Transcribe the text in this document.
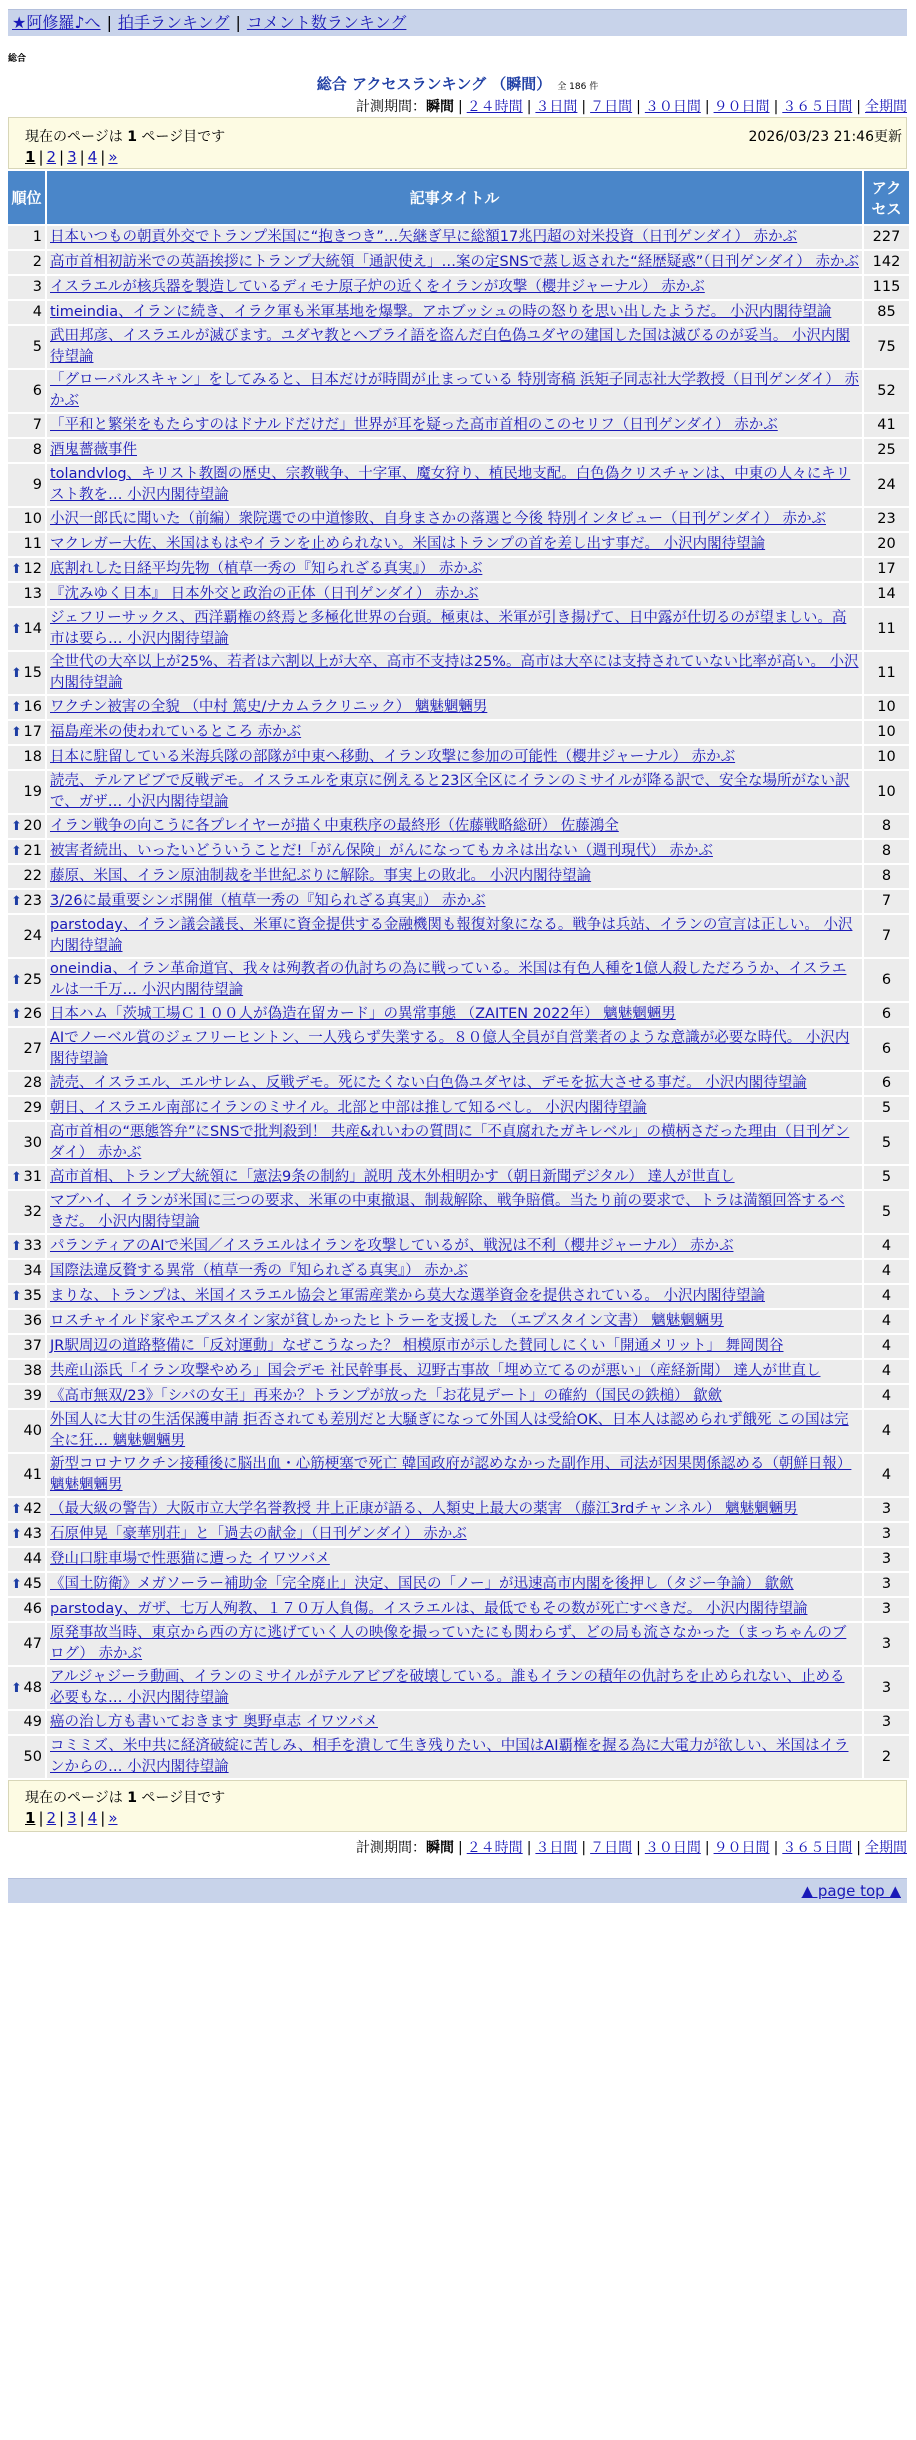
★阿修羅♪へ | 拍手ランキング | コメント数ランキング
総合
総合 アクセスランキング （瞬間） 全 186 件
計測期間：瞬間 | ２４時間 | ３日間 | ７日間 | ３０日間 | ９０日間 | ３６５日間 | 全期間
現在のページは 1 ページ目です	2026/03/23 21:46更新
1 | 2 | 3 | 4 | »
順位	記事タイトル	アクセス
1	日本いつもの朝貢外交でトランプ米国に“抱きつき”…矢継ぎ早に総額17兆円超の対米投資（日刊ゲンダイ） 赤かぶ	227
2	高市首相初訪米での英語挨拶にトランプ大統領「通訳使え」…案の定SNSで蒸し返された“経歴疑惑”（日刊ゲンダイ） 赤かぶ	142
3	イスラエルが核兵器を製造しているディモナ原子炉の近くをイランが攻撃（櫻井ジャーナル） 赤かぶ	115
4	timeindia、イランに続き、イラク軍も米軍基地を爆撃。アホブッシュの時の怒りを思い出したようだ。 小沢内閣待望論	85
5	武田邦彦、イスラエルが滅びます。ユダヤ教とヘブライ語を盗んだ白色偽ユダヤの建国した国は滅びるのが妥当。 小沢内閣待望論	75
6	「グローバルスキャン」をしてみると、日本だけが時間が止まっている 特別寄稿 浜矩子同志社大学教授（日刊ゲンダイ） 赤かぶ	52
7	「平和と繁栄をもたらすのはドナルドだけだ」世界が耳を疑った高市首相のこのセリフ（日刊ゲンダイ） 赤かぶ	41
8	酒鬼薔薇事件	25
9	tolandvlog、キリスト教圏の歴史、宗教戦争、十字軍、魔女狩り、植民地支配。白色偽クリスチャンは、中東の人々にキリスト教を… 小沢内閣待望論	24
10	小沢一郎氏に聞いた（前編）衆院選での中道惨敗、自身まさかの落選と今後 特別インタビュー（日刊ゲンダイ） 赤かぶ	23
11	マクレガー大佐、米国はもはやイランを止められない。米国はトランプの首を差し出す事だ。 小沢内閣待望論	20

⬆ 12	底割れした日経平均先物（植草一秀の『知られざる真実』） 赤かぶ	17
13	『沈みゆく日本』 日本外交と政治の正体（日刊ゲンダイ） 赤かぶ	14

⬆ 14	ジェフリーサックス、西洋覇権の終焉と多極化世界の台頭。極東は、米軍が引き揚げて、日中露が仕切るのが望ましい。高市は要ら… 小沢内閣待望論	11

⬆ 15	全世代の大卒以上が25%、若者は六割以上が大卒、高市不支持は25%。高市は大卒には支持されていない比率が高い。 小沢内閣待望論	11

⬆ 16	ワクチン被害の全貌 （中村 篤史/ナカムラクリニック） 魑魅魍魎男	10

⬆ 17	福島産米の使われているところ 赤かぶ	10
18	日本に駐留している米海兵隊の部隊が中東へ移動、イラン攻撃に参加の可能性（櫻井ジャーナル） 赤かぶ	10
19	読売、テルアビブで反戦デモ。イスラエルを東京に例えると23区全区にイランのミサイルが降る訳で、安全な場所がない訳で、ガザ… 小沢内閣待望論	10

⬆ 20	イラン戦争の向こうに各プレイヤーが描く中東秩序の最終形（佐藤戦略総研） 佐藤鴻全	8

⬆ 21	被害者続出、いったいどういうことだ!「がん保険」がんになってもカネは出ない（週刊現代） 赤かぶ	8
22	藤原、米国、イラン原油制裁を半世紀ぶりに解除。事実上の敗北。 小沢内閣待望論	8

⬆ 23	3/26に最重要シンポ開催（植草一秀の『知られざる真実』） 赤かぶ	7
24	parstoday、イラン議会議長、米軍に資金提供する金融機関も報復対象になる。戦争は兵站、イランの宣言は正しい。 小沢内閣待望論	7

⬆ 25	oneindia、イラン革命道官、我々は殉教者の仇討ちの為に戦っている。米国は有色人種を1億人殺しただろうか、イスラエルは一千万… 小沢内閣待望論	6

⬆ 26	日本ハム「茨城工場Ｃ１００人が偽造在留カード」の異常事態 （ZAITEN 2022年） 魑魅魍魎男	6
27	AIでノーベル賞のジェフリーヒントン、一人残らず失業する。８０億人全員が自営業者のような意識が必要な時代。 小沢内閣待望論	6
28	読売、イスラエル、エルサレム、反戦デモ。死にたくない白色偽ユダヤは、デモを拡大させる事だ。 小沢内閣待望論	6
29	朝日、イスラエル南部にイランのミサイル。北部と中部は推して知るべし。 小沢内閣待望論	5
30	高市首相の“悪態答弁”にSNSで批判殺到！ 共産&れいわの質問に「不貞腐れたガキレベル」の横柄さだった理由（日刊ゲンダイ） 赤かぶ	5

⬆ 31	高市首相、トランプ大統領に「憲法9条の制約」説明 茂木外相明かす（朝日新聞デジタル） 達人が世直し	5
32	マブハイ、イランが米国に三つの要求、米軍の中東撤退、制裁解除、戦争賠償。当たり前の要求で、トラは満額回答するべきだ。 小沢内閣待望論	5

⬆ 33	パランティアのAIで米国／イスラエルはイランを攻撃しているが、戦況は不利（櫻井ジャーナル） 赤かぶ	4
34	国際法違反贅する異常（植草一秀の『知られざる真実』） 赤かぶ	4

⬆ 35	まりな、トランプは、米国イスラエル協会と軍需産業から莫大な選挙資金を提供されている。 小沢内閣待望論	4
36	ロスチャイルド家やエプスタイン家が貧しかったヒトラーを支援した （エプスタイン文書） 魑魅魍魎男	4
37	JR駅周辺の道路整備に「反対運動」なぜこうなった？ 相模原市が示した賛同しにくい「開通メリット」 舞岡関谷	4
38	共産山添氏「イラン攻撃やめろ」国会デモ 社民幹事長、辺野古事故「埋め立てるのが悪い」（産経新聞） 達人が世直し	4
39	《高市無双/23》「シバの女王」再来か？トランプが放った「お花見デート」の確約（国民の鉄槌） 歙歛	4
40	外国人に大甘の生活保護申請 拒否されても差別だと大騒ぎになって外国人は受給OK、日本人は認められず餓死 この国は完全に狂… 魑魅魍魎男	4
41	新型コロナワクチン接種後に脳出血・心筋梗塞で死亡 韓国政府が認めなかった副作用、司法が因果関係認める（朝鮮日報） 魑魅魍魎男	4

⬆ 42	（最大級の警告）大阪市立大学名誉教授 井上正康が語る、人類史上最大の薬害 （藤江3rdチャンネル） 魑魅魍魎男	3

⬆ 43	石原伸晃「豪華別荘」と「過去の献金」（日刊ゲンダイ） 赤かぶ	3
44	登山口駐車場で性悪猫に遭った イワツバメ	3

⬆ 45	《国土防衛》メガソーラー補助金「完全廃止」決定、国民の「ノー」が迅速高市内閣を後押し（タジー争論） 歙歛	3
46	parstoday、ガザ、七万人殉教、１７０万人負傷。イスラエルは、最低でもその数が死亡すべきだ。 小沢内閣待望論	3
47	原発事故当時、東京から西の方に逃げていく人の映像を撮っていたにも関わらず、どの局も流さなかった（まっちゃんのブログ） 赤かぶ	3

⬆ 48	アルジャジーラ動画、イランのミサイルがテルアビブを破壊している。誰もイランの積年の仇討ちを止められない、止める必要もな… 小沢内閣待望論	3
49	癌の治し方も書いておきます 奥野卓志 イワツバメ	3
50	コミミズ、米中共に経済破綻に苦しみ、相手を潰して生き残りたい、中国はAI覇権を握る為に大電力が欲しい、米国はイランからの… 小沢内閣待望論	2
現在のページは 1 ページ目です
1 | 2 | 3 | 4 | »
計測期間：瞬間 | ２４時間 | ３日間 | ７日間 | ３０日間 | ９０日間 | ３６５日間 | 全期間
▲ page top ▲
